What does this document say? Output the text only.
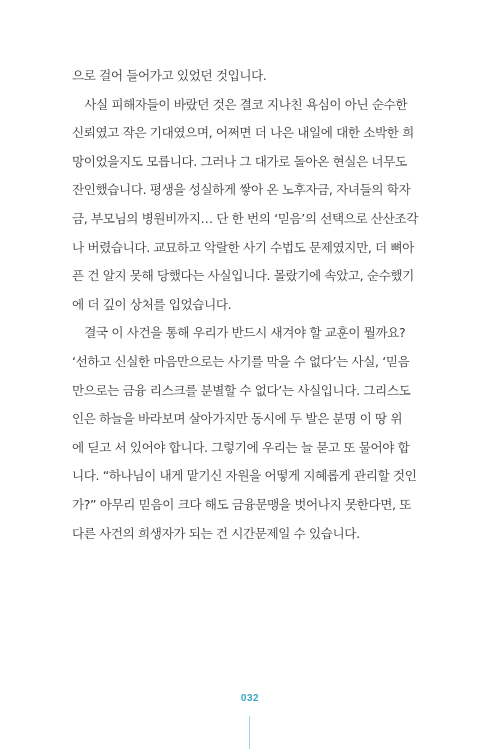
으로 걸어 들어가고 있었던 것입니다.
　사실 피해자들이 바랐던 것은 결코 지나친 욕심이 아닌 순수한
신뢰였고 작은 기대였으며, 어쩌면 더 나은 내일에 대한 소박한 희
망이었을지도 모릅니다. 그러나 그 대가로 돌아온 현실은 너무도
잔인했습니다. 평생을 성실하게 쌓아 온 노후자금, 자녀들의 학자
금, 부모님의 병원비까지… 단 한 번의 ‘믿음’의 선택으로 산산조각
나 버렸습니다. 교묘하고 악랄한 사기 수법도 문제였지만, 더 뼈아
픈 건 알지 못해 당했다는 사실입니다. 몰랐기에 속았고, 순수했기
에 더 깊이 상처를 입었습니다.
　결국 이 사건을 통해 우리가 반드시 새겨야 할 교훈이 뭘까요?
‘선하고 신실한 마음만으로는 사기를 막을 수 없다’는 사실, ‘믿음
만으로는 금융 리스크를 분별할 수 없다’는 사실입니다. 그리스도
인은 하늘을 바라보며 살아가지만 동시에 두 발은 분명 이 땅 위
에 딛고 서 있어야 합니다. 그렇기에 우리는 늘 묻고 또 물어야 합
니다. “하나님이 내게 맡기신 자원을 어떻게 지혜롭게 관리할 것인
가?” 아무리 믿음이 크다 해도 금융문맹을 벗어나지 못한다면, 또
다른 사건의 희생자가 되는 건 시간문제일 수 있습니다.
032
